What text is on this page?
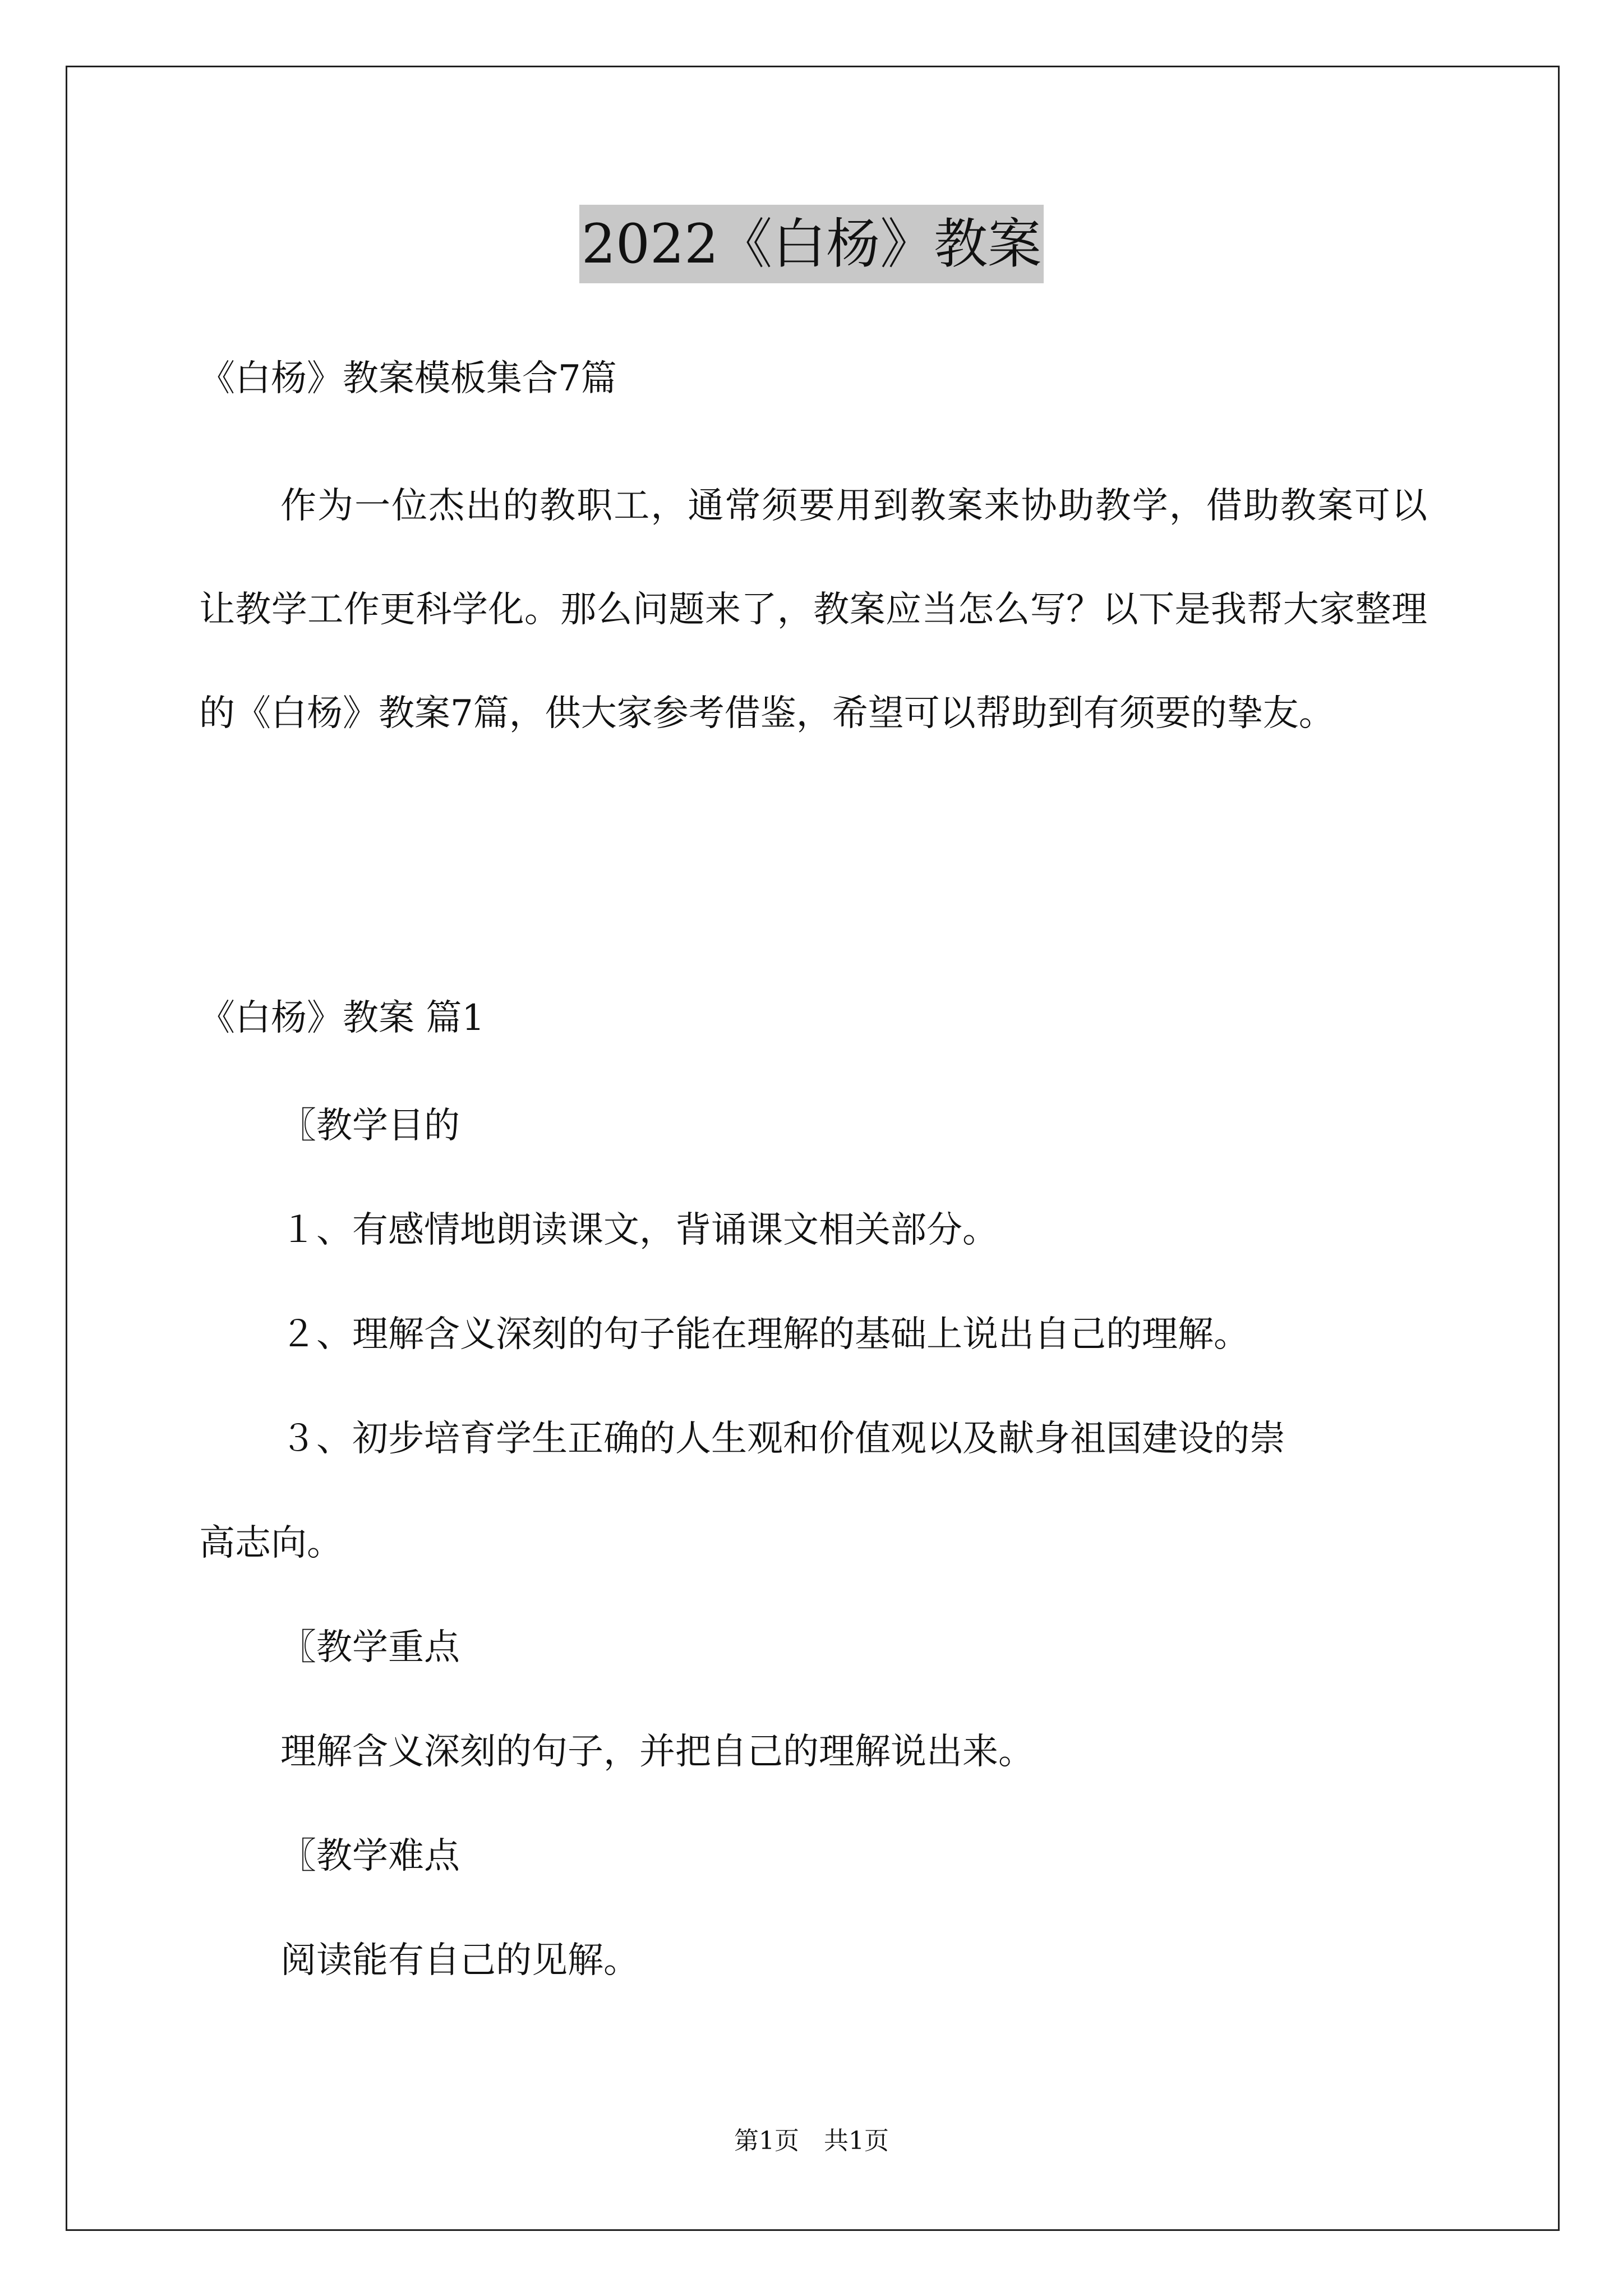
2022《白杨》教案
《白杨》教案模板集合7篇

作为一位杰出的教职工，通常须要用到教案来协助教学，借助教案可以让教学工作更科学化。那么问题来了，教案应当怎么写？以下是我帮大家整理的《白杨》教案7篇，供大家参考借鉴，希望可以帮助到有须要的挚友。

《白杨》教案 篇1
〖教学目的
１、有感情地朗读课文，背诵课文相关部分。
２、理解含义深刻的句子能在理解的基础上说出自己的理解。
３、初步培育学生正确的人生观和价值观以及献身祖国建设的崇
高志向。
〖教学重点
理解含义深刻的句子，并把自己的理解说出来。
〖教学难点
阅读能有自己的见解。
第1页　共1页
